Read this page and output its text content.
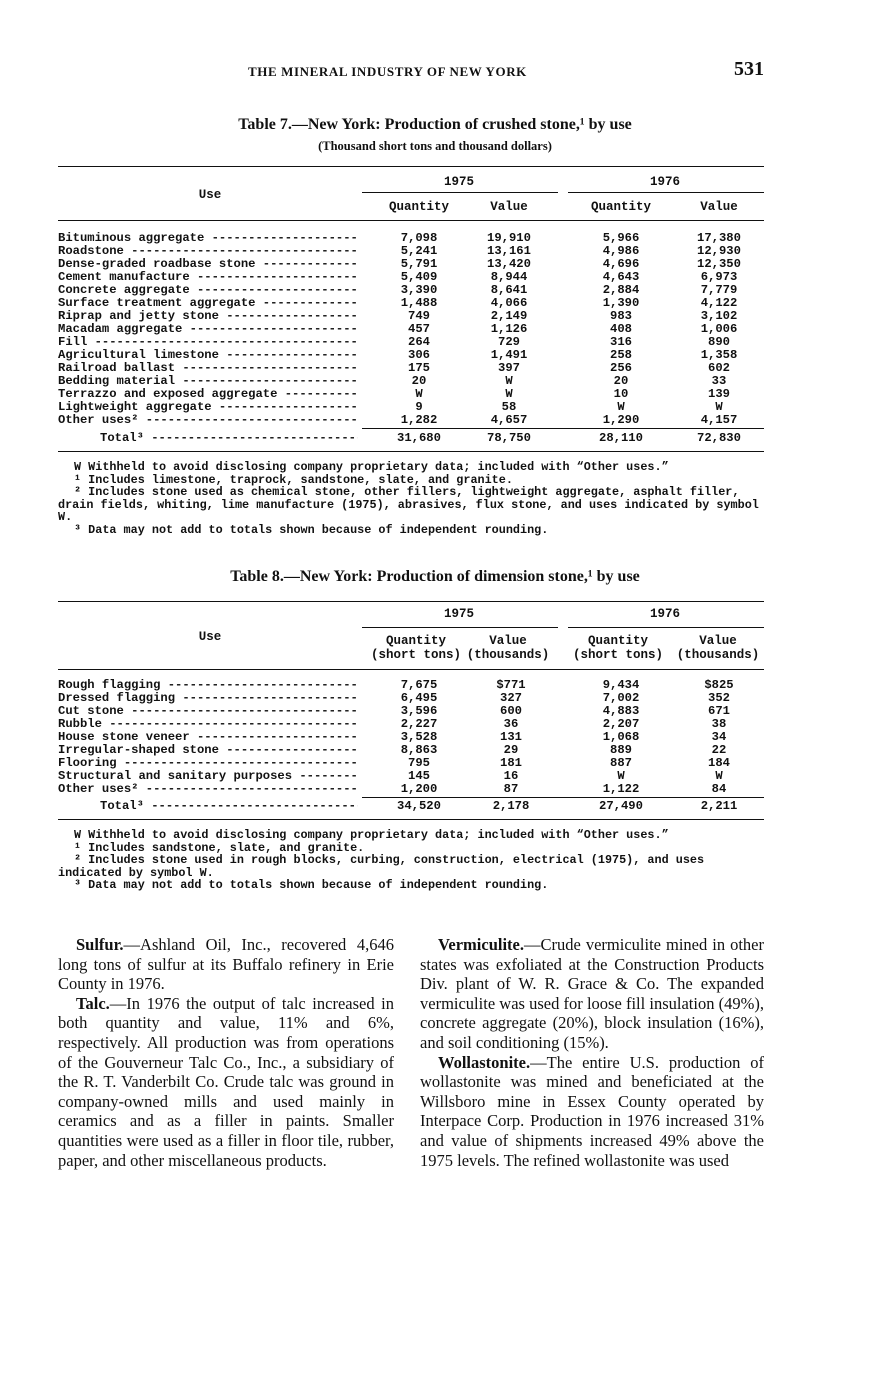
THE MINERAL INDUSTRY OF NEW YORK	531
Table 7.—New York: Production of crushed stone,¹ by use
(Thousand short tons and thousand dollars)
Use
1975	1976
Quantity	Value	Quantity	Value
Bituminous aggregate -----	7,098	19,910	5,966	17,380
Roadstone -----	5,241	13,161	4,986	12,930
Dense-graded roadbase stone -----	5,791	13,420	4,696	12,350
Cement manufacture -----	5,409	8,944	4,643	6,973
Concrete aggregate -----	3,390	8,641	2,884	7,779
Surface treatment aggregate -----	1,488	4,066	1,390	4,122
Riprap and jetty stone -----	749	2,149	983	3,102
Macadam aggregate -----	457	1,126	408	1,006
Fill -----	264	729	316	890
Agricultural limestone -----	306	1,491	258	1,358
Railroad ballast -----	175	397	256	602
Bedding material -----	20	W	20	33
Terrazzo and exposed aggregate -----	W	W	10	139
Lightweight aggregate -----	9	58	W	W
Other uses² -----	1,282	4,657	1,290	4,157
Total³ -----	31,680	78,750	28,110	72,830

W Withheld to avoid disclosing company proprietary data; included with “Other uses.”

¹ Includes limestone, traprock, sandstone, slate, and granite.

² Includes stone used as chemical stone, other fillers, lightweight aggregate, asphalt filler, drain fields, whiting, lime manufacture (1975), abrasives, flux stone, and uses indicated by symbol W.

³ Data may not add to totals shown because of independent rounding.

Table 8.—New York: Production of dimension stone,¹ by use
Use
1975	1976
Quantity
(short tons)
Value
(thousands)
Quantity
(short tons)
Value
(thousands)
Rough flagging -----	7,675	$771	9,434	$825
Dressed flagging -----	6,495	327	7,002	352
Cut stone -----	3,596	600	4,883	671
Rubble -----	2,227	36	2,207	38
House stone veneer -----	3,528	131	1,068	34
Irregular-shaped stone -----	8,863	29	889	22
Flooring -----	795	181	887	184
Structural and sanitary purposes -----	145	16	W	W
Other uses² -----	1,200	87	1,122	84
Total³ -----	34,520	2,178	27,490	2,211

W Withheld to avoid disclosing company proprietary data; included with “Other uses.”

¹ Includes sandstone, slate, and granite.

² Includes stone used in rough blocks, curbing, construction, electrical (1975), and uses indicated by symbol W.

³ Data may not add to totals shown because of independent rounding.

Sulfur.—Ashland Oil, Inc., recovered 4,646 long tons of sulfur at its Buffalo refinery in Erie County in 1976.

Talc.—In 1976 the output of talc increased in both quantity and value, 11% and 6%, respectively. All production was from operations of the Gouverneur Talc Co., Inc., a subsidiary of the R. T. Vanderbilt Co. Crude talc was ground in company-owned mills and used mainly in ceramics and as a filler in paints. Smaller quantities were used as a filler in floor tile, rubber, paper, and other miscellaneous products.

Vermiculite.—Crude vermiculite mined in other states was exfoliated at the Construction Products Div. plant of W. R. Grace & Co. The expanded vermiculite was used for loose fill insulation (49%), concrete aggregate (20%), block insulation (16%), and soil conditioning (15%).

Wollastonite.—The entire U.S. production of wollastonite was mined and beneficiated at the Willsboro mine in Essex County operated by Interpace Corp. Production in 1976 increased 31% and value of shipments increased 49% above the 1975 levels. The refined wollastonite was used
